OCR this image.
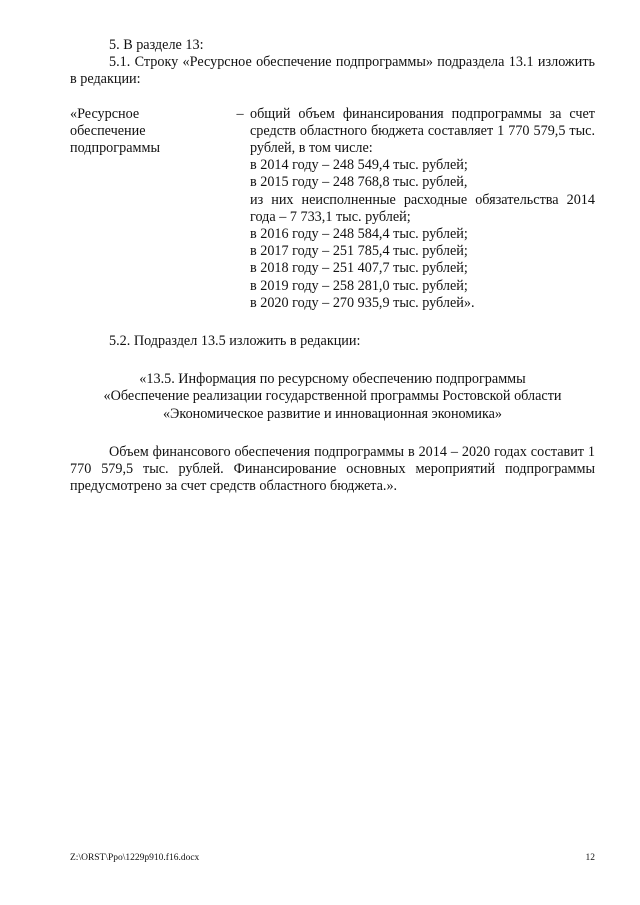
5. В разделе 13:

5.1. Строку «Ресурсное обеспечение подпрограммы» подраздела 13.1 изложить в редакции:

«Ресурсное
обеспечение
подпрограммы
– общий объем финансирования подпрограммы за счет средств областного бюджета составляет 1 770 579,5 тыс. рублей, в том числе:

в 2014 году – 248 549,4 тыс. рублей;

в 2015 году – 248 768,8 тыс. рублей,

из них неисполненные расходные обязательства 2014 года – 7 733,1 тыс. рублей;

в 2016 году – 248 584,4 тыс. рублей;

в 2017 году – 251 785,4 тыс. рублей;

в 2018 году – 251 407,7 тыс. рублей;

в 2019 году – 258 281,0 тыс. рублей;

в 2020 году – 270 935,9 тыс. рублей».

5.2. Подраздел 13.5 изложить в редакции:

«13.5. Информация по ресурсному обеспечению подпрограммы

«Обеспечение реализации государственной программы Ростовской области

«Экономическое развитие и инновационная экономика»

Объем финансового обеспечения подпрограммы в 2014 – 2020 годах составит 1 770 579,5 тыс. рублей. Финансирование основных мероприятий подпрограммы предусмотрено за счет средств областного бюджета.».

Z:\ORST\Ppo\1229p910.f16.docx	12
